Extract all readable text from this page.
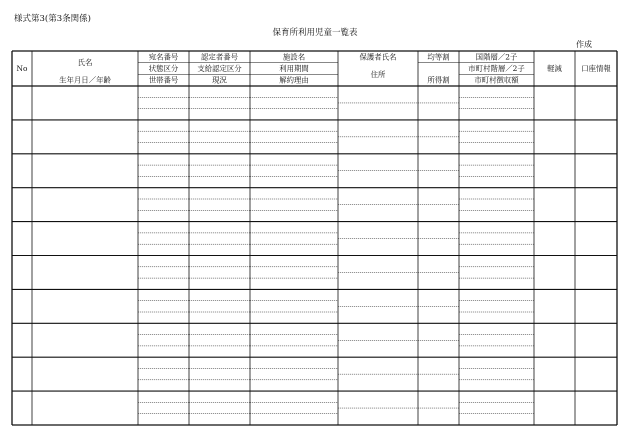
様式第3(第3条関係)
保育所利用児童一覧表
作成
No
氏名
生年月日／年齢
宛名番号
状態区分
世帯番号
認定者番号
支給認定区分
現況
施設名
利用期間
解約理由
保護者氏名
住所
均等割
所得割
国階層／2子
市町村階層／2子
市町村徴収額
軽減	口座情報
